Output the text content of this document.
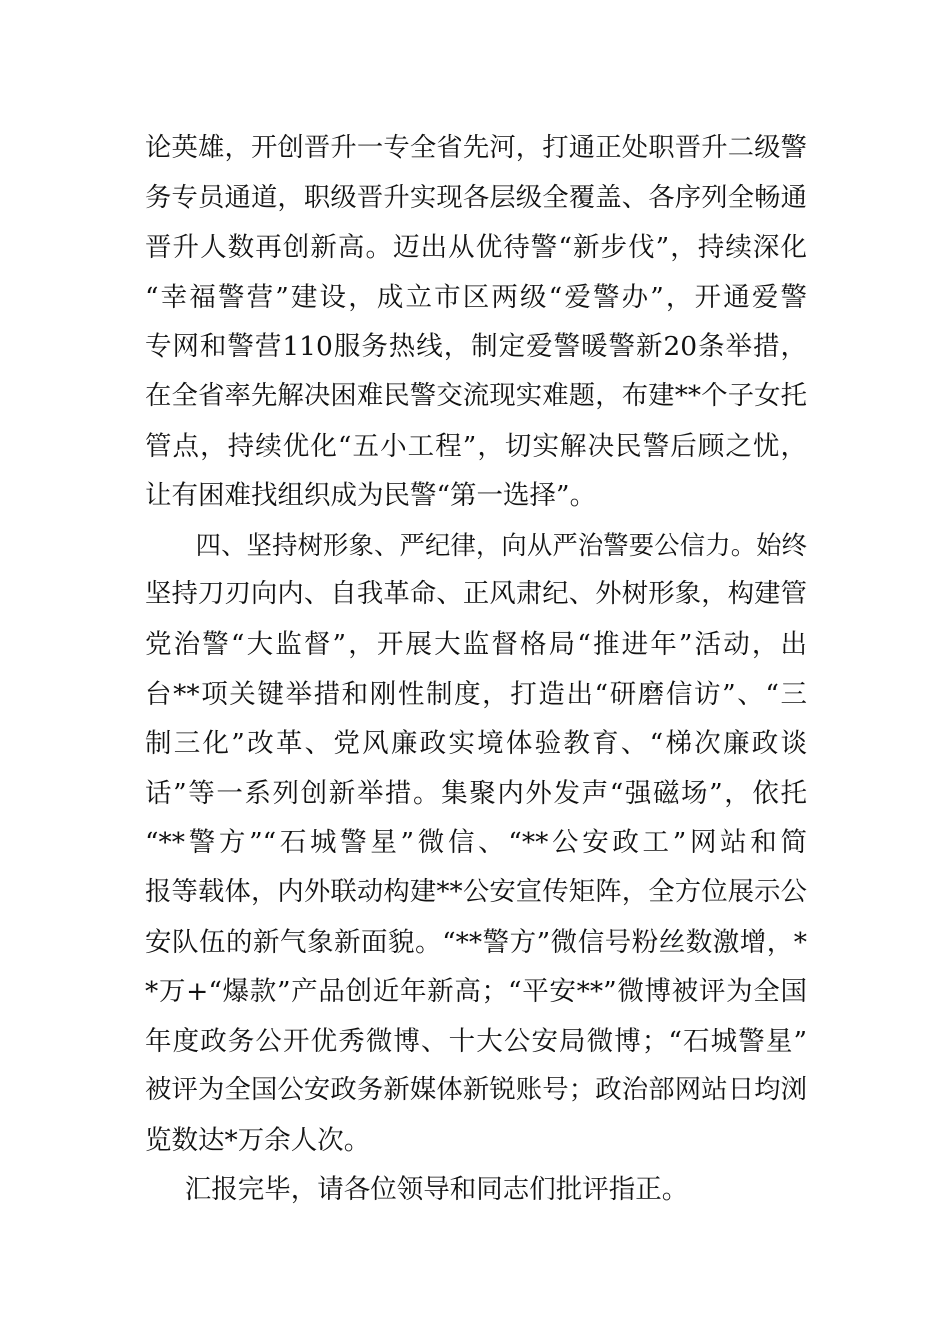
论英雄，开创晋升一专全省先河，打通正处职晋升二级警
务专员通道，职级晋升实现各层级全覆盖、各序列全畅通
晋升人数再创新高。迈出从优待警“新步伐”，持续深化
“幸福警营”建设，成立市区两级“爱警办”，开通爱警
专网和警营110服务热线，制定爱警暖警新20条举措，
在全省率先解决困难民警交流现实难题，布建**个子女托
管点，持续优化“五小工程”，切实解决民警后顾之忧，
让有困难找组织成为民警“第一选择”。
四、坚持树形象、严纪律，向从严治警要公信力。始终
坚持刀刃向内、自我革命、正风肃纪、外树形象，构建管
党治警“大监督”，开展大监督格局“推进年”活动，出
台**项关键举措和刚性制度，打造出“研磨信访”、“三
制三化”改革、党风廉政实境体验教育、“梯次廉政谈
话”等一系列创新举措。集聚内外发声“强磁场”，依托
“**警方”“石城警星”微信、“**公安政工”网站和简
报等载体，内外联动构建**公安宣传矩阵，全方位展示公
安队伍的新气象新面貌。“**警方”微信号粉丝数激增，*
*万+“爆款”产品创近年新高；“平安**”微博被评为全国
年度政务公开优秀微博、十大公安局微博；“石城警星”
被评为全国公安政务新媒体新锐账号；政治部网站日均浏
览数达*万余人次。
汇报完毕，请各位领导和同志们批评指正。
